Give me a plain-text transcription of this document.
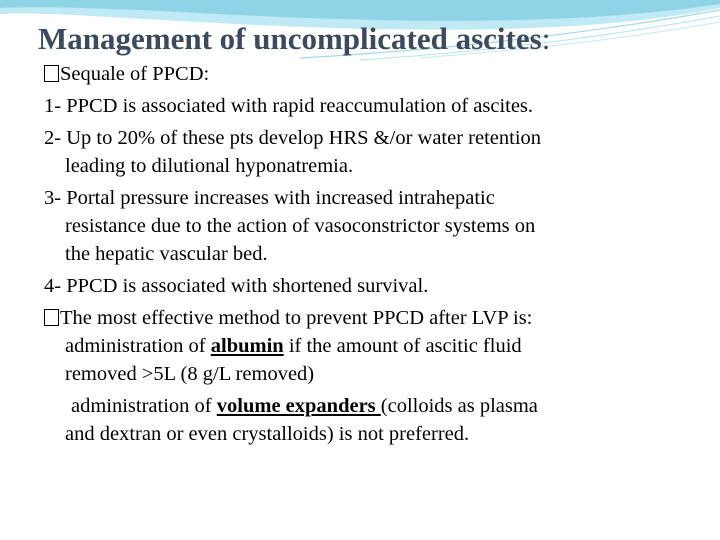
Management of uncomplicated ascites:
Sequale of PPCD:
1- PPCD is associated with rapid reaccumulation of ascites.
2- Up to 20% of these pts develop HRS &/or water retention
leading to dilutional hyponatremia.
3- Portal pressure increases with increased intrahepatic
resistance due to the action of vasoconstrictor systems on
the hepatic vascular bed.
4- PPCD is associated with shortened survival.
The most effective method to prevent PPCD after LVP is:
administration of albumin if the amount of ascitic fluid
removed >5L (8 g/L removed)
administration of volume expanders (colloids as plasma
and dextran or even crystalloids) is not preferred.
